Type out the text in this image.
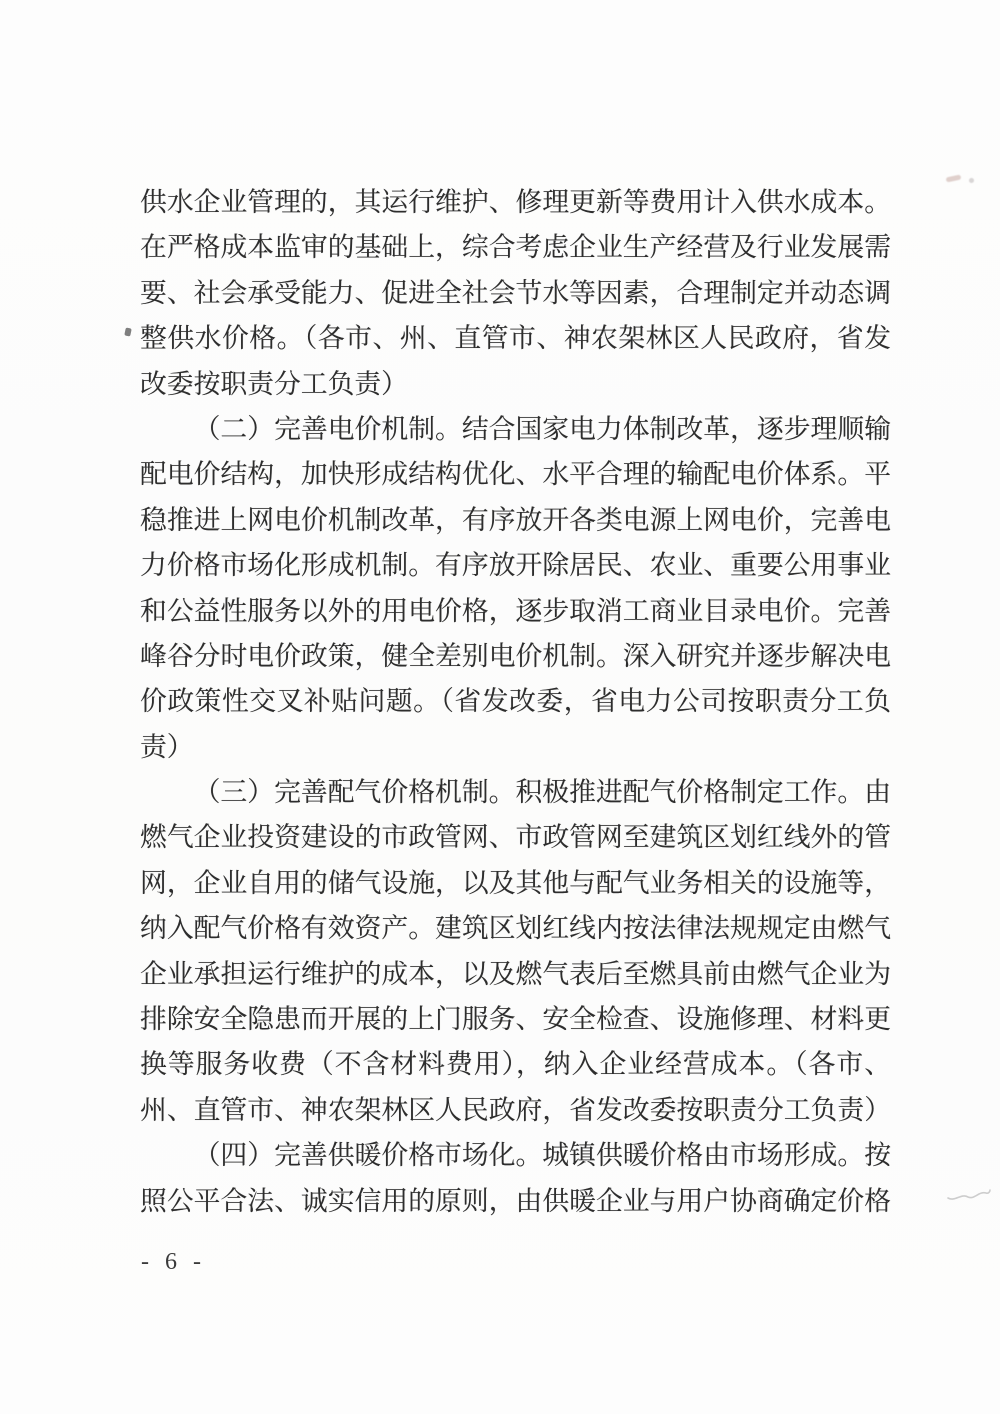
供水企业管理的，其运行维护、修理更新等费用计入供水成本。
在严格成本监审的基础上，综合考虑企业生产经营及行业发展需
要、社会承受能力、促进全社会节水等因素，合理制定并动态调
整供水价格。（各市、州、直管市、神农架林区人民政府，省发
改委按职责分工负责）
（二）完善电价机制。结合国家电力体制改革，逐步理顺输
配电价结构，加快形成结构优化、水平合理的输配电价体系。平
稳推进上网电价机制改革，有序放开各类电源上网电价，完善电
力价格市场化形成机制。有序放开除居民、农业、重要公用事业
和公益性服务以外的用电价格，逐步取消工商业目录电价。完善
峰谷分时电价政策，健全差别电价机制。深入研究并逐步解决电
价政策性交叉补贴问题。（省发改委，省电力公司按职责分工负
责）
（三）完善配气价格机制。积极推进配气价格制定工作。由
燃气企业投资建设的市政管网、市政管网至建筑区划红线外的管
网，企业自用的储气设施，以及其他与配气业务相关的设施等，
纳入配气价格有效资产。建筑区划红线内按法律法规规定由燃气
企业承担运行维护的成本，以及燃气表后至燃具前由燃气企业为
排除安全隐患而开展的上门服务、安全检查、设施修理、材料更
换等服务收费（不含材料费用），纳入企业经营成本。（各市、
州、直管市、神农架林区人民政府，省发改委按职责分工负责）
（四）完善供暖价格市场化。城镇供暖价格由市场形成。按
照公平合法、诚实信用的原则，由供暖企业与用户协商确定价格
- 6 -
